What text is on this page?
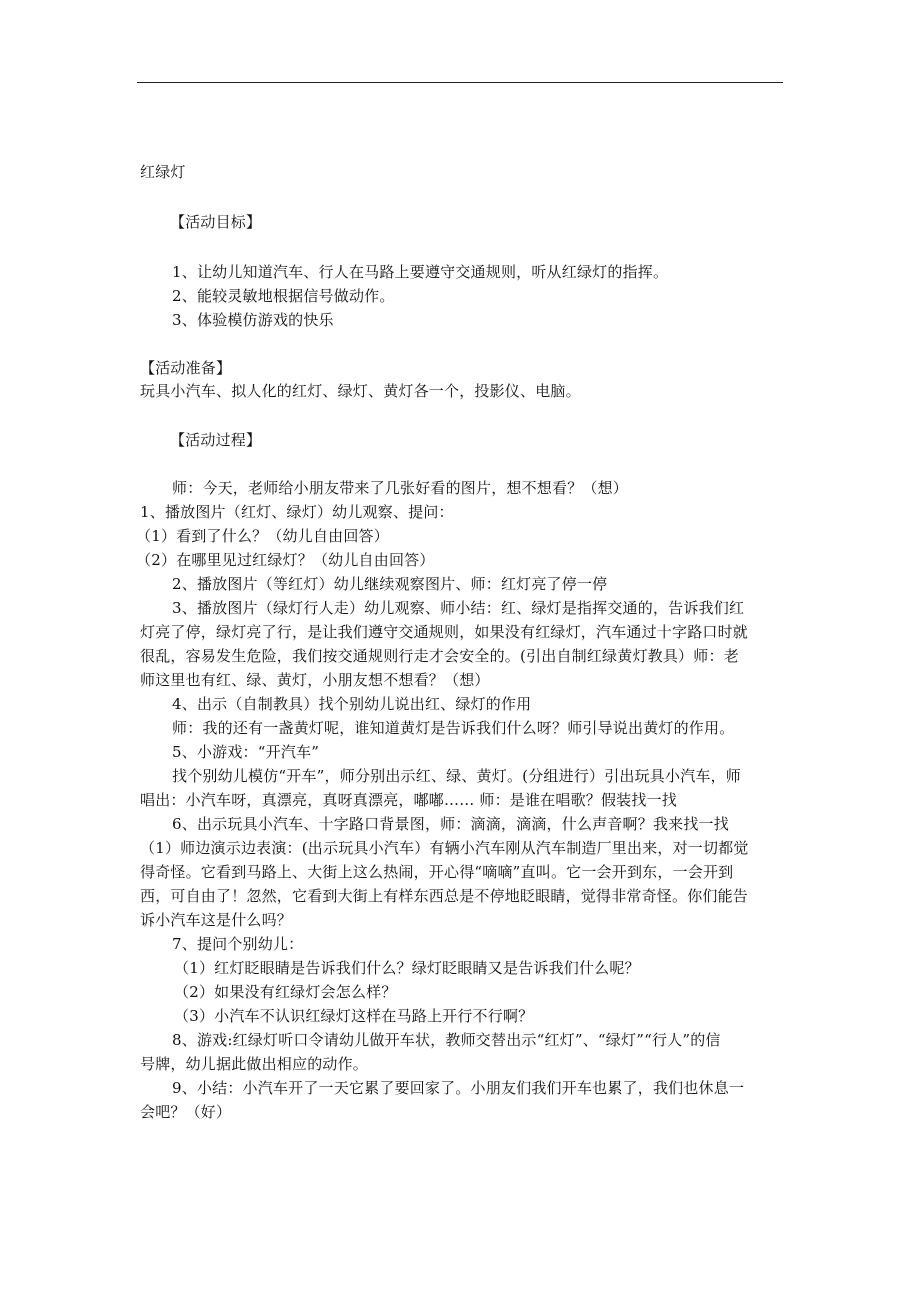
红绿灯
【活动目标】
1、让幼儿知道汽车、行人在马路上要遵守交通规则，听从红绿灯的指挥。
2、能较灵敏地根据信号做动作。
3、体验模仿游戏的快乐
【活动准备】
玩具小汽车、拟人化的红灯、绿灯、黄灯各一个，投影仪、电脑。
【活动过程】
师：今天，老师给小朋友带来了几张好看的图片，想不想看？（想）
1、播放图片（红灯、绿灯）幼儿观察、提问：
（1）看到了什么？（幼儿自由回答）
（2）在哪里见过红绿灯？（幼儿自由回答）
2、播放图片（等红灯）幼儿继续观察图片、师：红灯亮了停一停
3、播放图片（绿灯行人走）幼儿观察、师小结：红、绿灯是指挥交通的，告诉我们红
灯亮了停，绿灯亮了行，是让我们遵守交通规则，如果没有红绿灯，汽车通过十字路口时就
很乱，容易发生危险，我们按交通规则行走才会安全的。(引出自制红绿黄灯教具）师：老
师这里也有红、绿、黄灯，小朋友想不想看？（想）
4、出示（自制教具）找个别幼儿说出红、绿灯的作用
师：我的还有一盏黄灯呢，谁知道黄灯是告诉我们什么呀？师引导说出黄灯的作用。
5、小游戏：“开汽车”
找个别幼儿模仿“开车”，师分别出示红、绿、黄灯。(分组进行）引出玩具小汽车，师
唱出：小汽车呀，真漂亮，真呀真漂亮，嘟嘟…… 师：是谁在唱歌？假装找一找
6、出示玩具小汽车、十字路口背景图，师：滴滴，滴滴，什么声音啊？我来找一找
（1）师边演示边表演：(出示玩具小汽车）有辆小汽车刚从汽车制造厂里出来，对一切都觉
得奇怪。它看到马路上、大街上这么热闹，开心得“嘀嘀”直叫。它一会开到东，一会开到
西，可自由了！忽然，它看到大街上有样东西总是不停地眨眼睛，觉得非常奇怪。你们能告
诉小汽车这是什么吗？
7、提问个别幼儿：
（1）红灯眨眼睛是告诉我们什么？绿灯眨眼睛又是告诉我们什么呢？
（2）如果没有红绿灯会怎么样？
（3）小汽车不认识红绿灯这样在马路上开行不行啊？
8、游戏:红绿灯听口令请幼儿做开车状，教师交替出示“红灯”、“绿灯”“行人”的信
号牌，幼儿据此做出相应的动作。
9、小结：小汽车开了一天它累了要回家了。小朋友们我们开车也累了，我们也休息一
会吧？（好）
